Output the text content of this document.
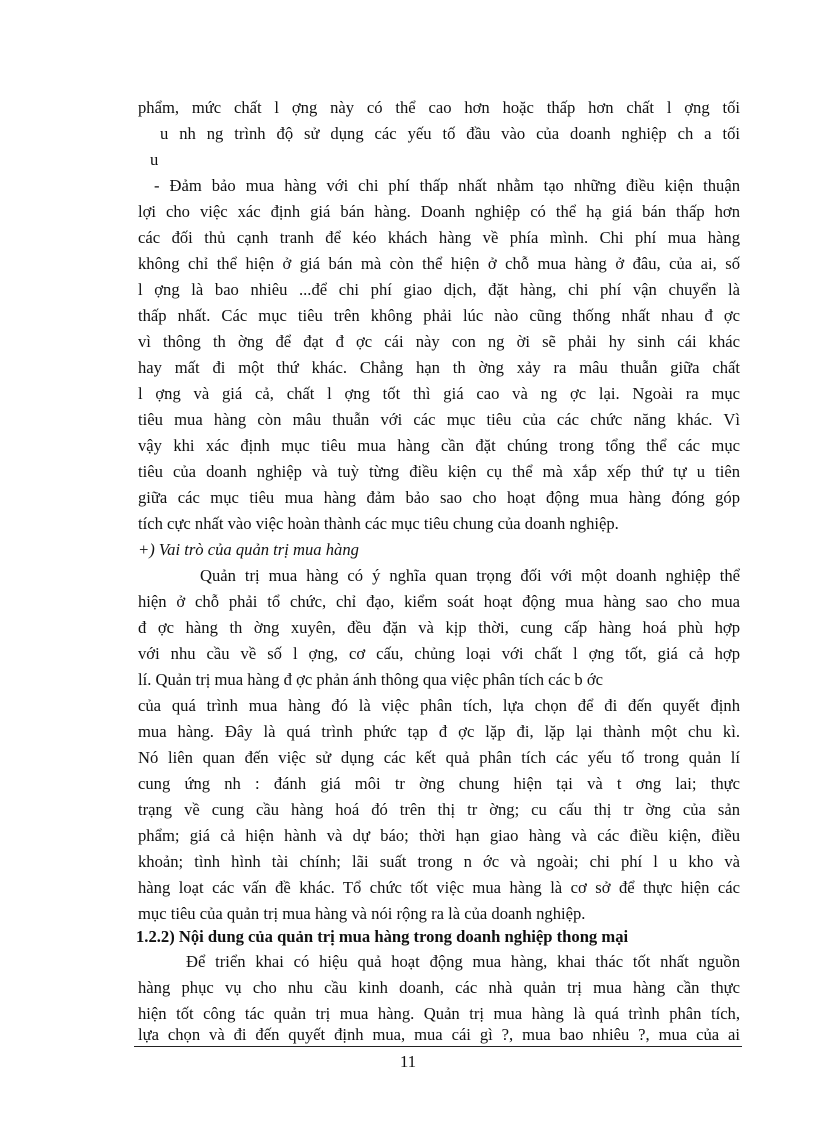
phẩm, mức chất l ợng này có thể cao hơn hoặc thấp hơn chất l ợng tối
u nh ng trình độ sử dụng các yếu tố đầu vào của doanh nghiệp ch a tối
u
- Đảm bảo mua hàng với chi phí thấp nhất nhằm tạo những điều kiện thuận
lợi cho việc xác định giá bán hàng. Doanh nghiệp có thể hạ giá bán thấp hơn
các đối thủ cạnh tranh để kéo khách hàng về phía mình. Chi phí mua hàng
không chỉ thể hiện ở giá bán mà còn thể hiện ở chỗ mua hàng ở đâu, của ai, số
l ợng là bao nhiêu ...để chi phí giao dịch, đặt hàng, chi phí vận chuyển là
thấp nhất. Các mục tiêu trên không phải lúc nào cũng thống nhất nhau đ ợc
vì thông th ờng để đạt đ ợc cái này con ng ời sẽ phải hy sinh cái khác
hay mất đi một thứ khác. Chẳng hạn th ờng xảy ra mâu thuẫn giữa chất
l ợng và giá cả, chất l ợng tốt thì giá cao và ng ợc lại. Ngoài ra mục
tiêu mua hàng còn mâu thuẫn với các mục tiêu của các chức năng khác. Vì
vậy khi xác định mục tiêu mua hàng cần đặt chúng trong tổng thể các mục
tiêu của doanh nghiệp và tuỳ từng điều kiện cụ thể mà xắp xếp thứ tự u tiên
giữa các mục tiêu mua hàng đảm bảo sao cho hoạt động mua hàng đóng góp
tích cực nhất vào việc hoàn thành các mục tiêu chung của doanh nghiệp.
+) Vai trò của quản trị mua hàng
Quản trị mua hàng có ý nghĩa quan trọng đối với một doanh nghiệp thể
hiện ở chỗ phải tổ chức, chỉ đạo, kiểm soát hoạt động mua hàng sao cho mua
đ ợc hàng th ờng xuyên, đều đặn và kịp thời, cung cấp hàng hoá phù hợp
với nhu cầu về số l ợng, cơ cấu, chủng loại với chất l ợng tốt, giá cả hợp
lí. Quản trị mua hàng đ ợc phản ánh thông qua việc phân tích các b ớc
của quá trình mua hàng đó là việc phân tích, lựa chọn để đi đến quyết định
mua hàng. Đây là quá trình phức tạp đ ợc lặp đi, lặp lại thành một chu kì.
Nó liên quan đến việc sử dụng các kết quả phân tích các yếu tố trong quản lí
cung ứng nh : đánh giá môi tr ờng chung hiện tại và t ơng lai; thực
trạng về cung cầu hàng hoá đó trên thị tr ờng; cu cấu thị tr ờng của sản
phẩm; giá cả hiện hành và dự báo; thời hạn giao hàng và các điều kiện, điều
khoản; tình hình tài chính; lãi suất trong n ớc và ngoài; chi phí l u kho và
hàng loạt các vấn đề khác. Tổ chức tốt việc mua hàng là cơ sở để thực hiện các
mục tiêu của quản trị mua hàng và nói rộng ra là của doanh nghiệp.
1.2.2) Nội dung của quản trị mua hàng trong doanh nghiệp thong mại
Để triển khai có hiệu quả hoạt động mua hàng, khai thác tốt nhất nguồn
hàng phục vụ cho nhu cầu kinh doanh, các nhà quản trị mua hàng cần thực
hiện tốt công tác quản trị mua hàng. Quản trị mua hàng là quá trình phân tích,
lựa chọn và đi đến quyết định mua, mua cái gì ?, mua bao nhiêu ?, mua của ai
11
